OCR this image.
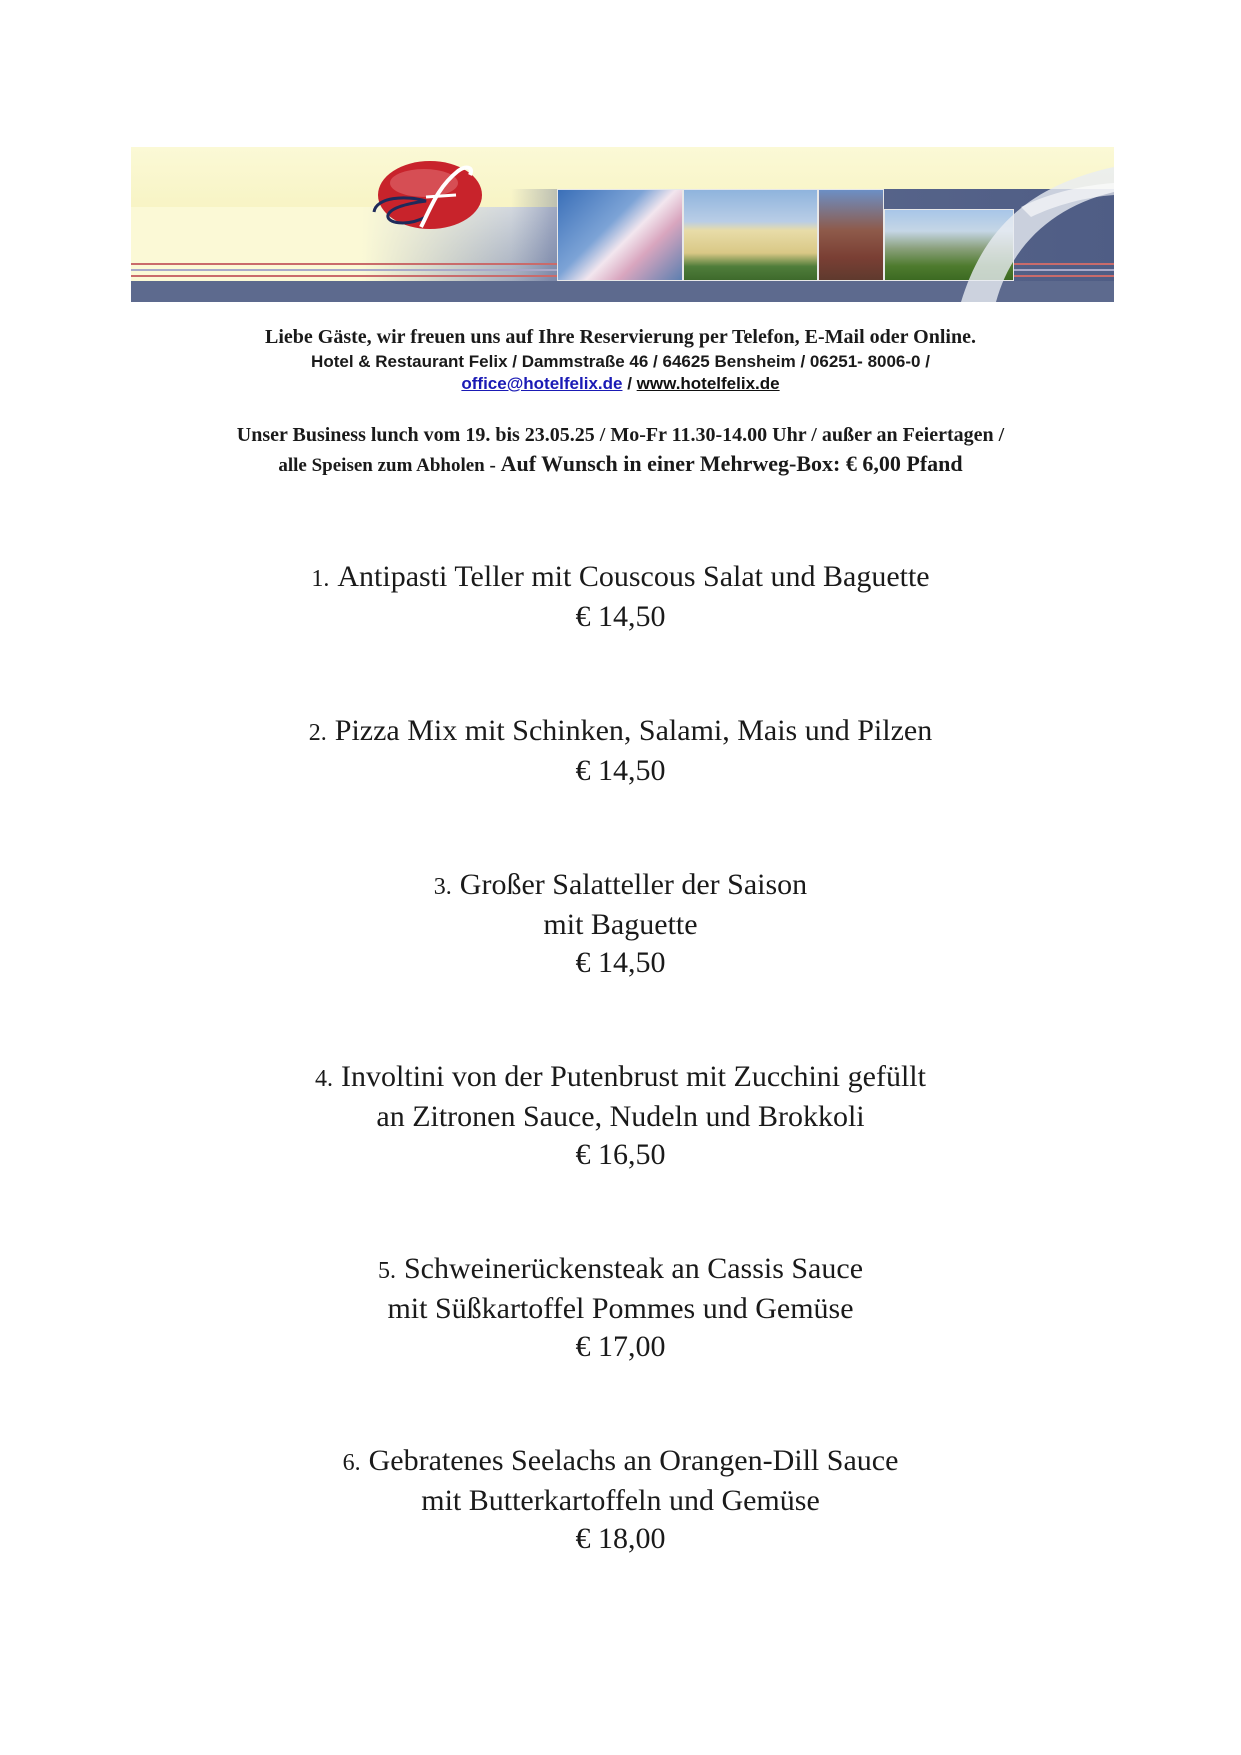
Liebe Gäste, wir freuen uns auf Ihre Reservierung per Telefon, E-Mail oder Online.
Hotel & Restaurant Felix / Dammstraße 46 / 64625 Bensheim / 06251- 8006-0 /
office@hotelfelix.de / www.hotelfelix.de
Unser Business lunch vom 19. bis 23.05.25 / Mo-Fr 11.30-14.00 Uhr / außer an Feiertagen /
alle Speisen zum Abholen - Auf Wunsch in einer Mehrweg-Box: € 6,00 Pfand
1. Antipasti Teller mit Couscous Salat und Baguette
€ 14,50
2. Pizza Mix mit Schinken, Salami, Mais und Pilzen
€ 14,50
3. Großer Salatteller der Saison
mit Baguette
€ 14,50
4. Involtini von der Putenbrust mit Zucchini gefüllt
an Zitronen Sauce, Nudeln und Brokkoli
€ 16,50
5. Schweinerückensteak an Cassis Sauce
mit Süßkartoffel Pommes und Gemüse
€ 17,00
6. Gebratenes Seelachs an Orangen-Dill Sauce
mit Butterkartoffeln und Gemüse
€ 18,00
